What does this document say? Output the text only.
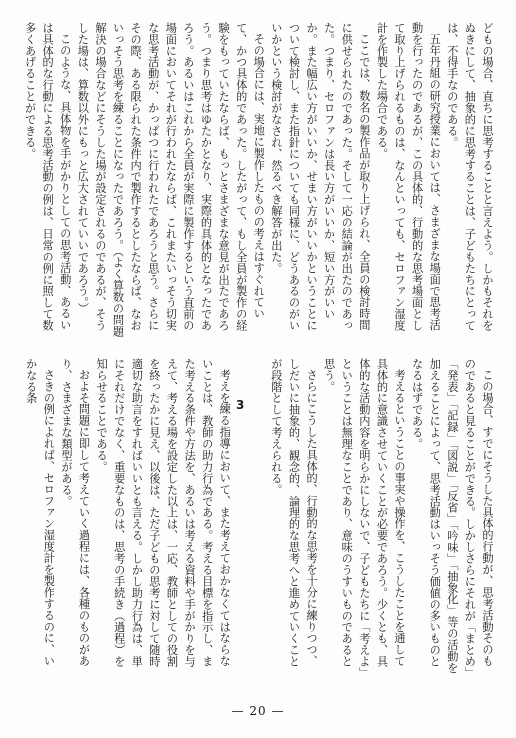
どもの場合、直ちに思考することと言えよう。しかもそれをぬきにして、抽象的に思考することは、子どもたちにとっては、不得手なのである。

五年丹組の研究授業においては、さまざまな場面で思考活動を行ったのであるが、この具体的、行動的な思考場面として取り上げられるものは、なんといっても、セロファン湿度計を作製した場合である。

ここでは、数名の製作品が取り上げられ、全員の検討時間に供せられたのであった。そして一応の結論が出たのであった。つまり、セロファンは長い方がいいか、短い方がいいか。また幅広い方がいいか、せまい方がいいかということについて検討し、また指針についても同様に、どうあるのがいいかという検討がなされ、然るべき解答が出た。

その場合には、実地に製作したものの考えはすぐれていて、かつ具体的であった。したがって、もし全員が製作の経験をもっていたならば、もっとさまざまな意見が出たであろう。つまり思考はゆたかとなり、実際的具体的となったであろう。あるいはこれから全員が実際に製作するという直前の場面においてそれが行われたならば、これまたいっそう切実な思考活動が、かっぱつに行われたであろうと思う。さらにその際、ある限られた条件内で製作するとしたならば、なおいっそう思考を練ることになったであろう。（よく算数の問題解決の場合などにそうした場が設定されるのであるが、そうした場は、算数以外にもっと広大されていいであろう。）

このような、具体物を手がかりとしての思考活動、あるいは具体的な行動による思考活動の例は、日常の例に照して数多くあげることができる。

この場合、すでにそうした具体的行動が、思考活動そのものであると見ることができる。しかしさらにそれが「まとめ」「発表」「記録」「図説」「反省」「吟味」「抽象化」等の活動を加えることによって、思考活動はいっそう価値の多いものとなるはずである。

考えるということの事実や操作を、こうしたことを通して具体的に意識させていくことが必要であろう。少くとも、具体的な活動内容を明らかにしないで、子どもたちに「考えよ」ということは無理なことであり、意味のうすいものであると思う。

さらにこうした具体的、行動的な思考を十分に練りつつ、しだいに抽象的、観念的、論理的な思考へと進めていくことが段階として考えられる。

考えを練る指導において、また考えておかなくてはならないことは、教師の助力行為である。考える目標を指示し、また考える条件や方法を、あるいは考える資料や手がかりを与えて、考える場を設定した以上は、一応、教師としての役割を終ったかに見え、以後は、ただ子どもの思考に対して随時適切な助言をすればいいとも言える。しかし助力行為は、単にそれだけでなく、重要なものは、思考の手続き（過程）を知らせることである。

およそ問題に即して考えていく過程には、各種のものがあり、さまざまな類型がある。

さきの例によれば、セロファン湿度計を製作するのに、いかなる条

3
— 20 —
